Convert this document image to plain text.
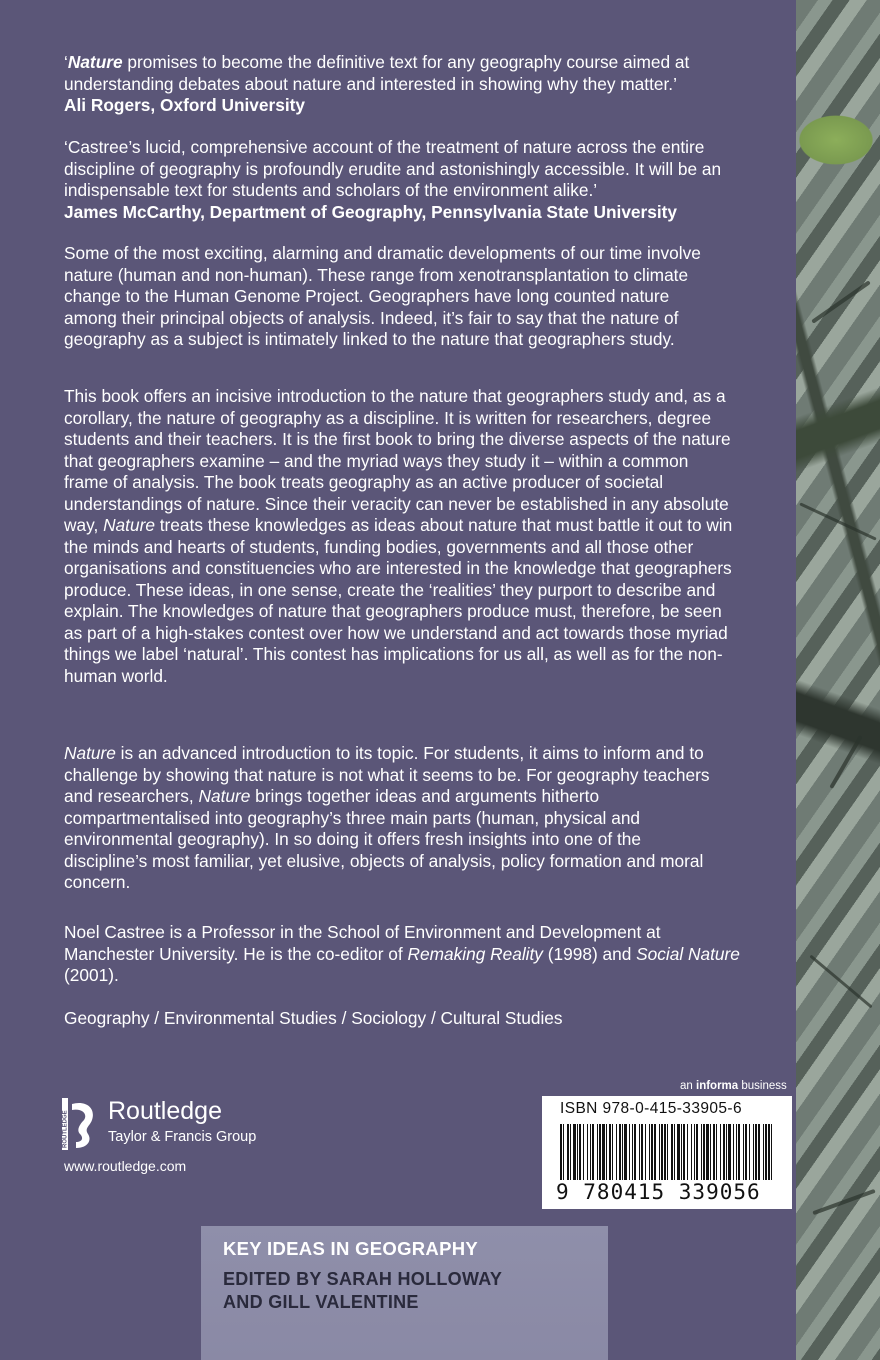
‘Nature promises to become the definitive text for any geography course aimed at understanding debates about nature and interested in showing why they matter.’

Ali Rogers, Oxford University

‘Castree’s lucid, comprehensive account of the treatment of nature across the entire discipline of geography is profoundly erudite and astonishingly accessible. It will be an indispensable text for students and scholars of the environment alike.’

James McCarthy, Department of Geography, Pennsylvania State University

Some of the most exciting, alarming and dramatic developments of our time involve nature (human and non-human). These range from xenotransplantation to climate change to the Human Genome Project. Geographers have long counted nature among their principal objects of analysis. Indeed, it’s fair to say that the nature of geography as a subject is intimately linked to the nature that geographers study.

This book offers an incisive introduction to the nature that geographers study and, as a corollary, the nature of geography as a discipline. It is written for researchers, degree students and their teachers. It is the first book to bring the diverse aspects of the nature that geographers examine – and the myriad ways they study it – within a common frame of analysis. The book treats geography as an active producer of societal understandings of nature. Since their veracity can never be established in any absolute way, Nature treats these knowledges as ideas about nature that must battle it out to win the minds and hearts of students, funding bodies, governments and all those other organisations and constituencies who are interested in the knowledge that geographers produce. These ideas, in one sense, create the ‘realities’ they purport to describe and explain. The knowledges of nature that geographers produce must, therefore, be seen as part of a high-stakes contest over how we understand and act towards those myriad things we label ‘natural’. This contest has implications for us all, as well as for the non-human world.

Nature is an advanced introduction to its topic. For students, it aims to inform and to challenge by showing that nature is not what it seems to be. For geography teachers and researchers, Nature brings together ideas and arguments hitherto compartmentalised into geography’s three main parts (human, physical and environmental geography). In so doing it offers fresh insights into one of the discipline’s most familiar, yet elusive, objects of analysis, policy formation and moral concern.

Noel Castree is a Professor in the School of Environment and Development at Manchester University. He is the co-editor of Remaking Reality (1998) and Social Nature (2001).

Geography / Environmental Studies / Sociology / Cultural Studies

ROUTLEDGE Routledge
Taylor & Francis Group
www.routledge.com
an informa business
ISBN 978-0-415-33905-6
9 780415 339056
KEY IDEAS IN GEOGRAPHY
EDITED BY SARAH HOLLOWAY
AND GILL VALENTINE
